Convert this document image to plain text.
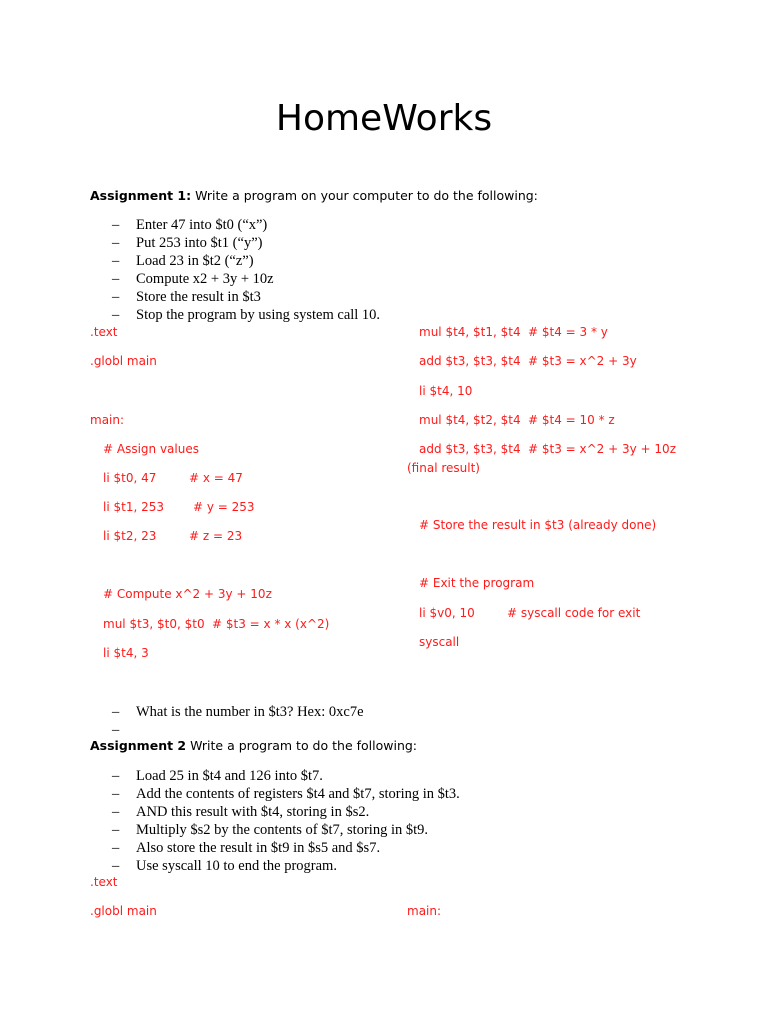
HomeWorks
Assignment 1: Write a program on your computer to do the following:
– Enter 47 into $t0 (“x”)
– Put 253 into $t1 (“y”)
– Load 23 in $t2 (“z”)
– Compute x2 + 3y + 10z
– Store the result in $t3
– Stop the program by using system call 10.
.text
.globl main
main:
# Assign values
li $t0, 47	# x = 47
li $t1, 253 # y = 253
li $t2, 23	# z = 23
# Compute x^2 + 3y + 10z
mul $t3, $t0, $t0 # $t3 = x * x (x^2)
li $t4, 3
mul $t4, $t1, $t4 # $t4 = 3 * y
add $t3, $t3, $t4 # $t3 = x^2 + 3y
li $t4, 10
mul $t4, $t2, $t4 # $t4 = 10 * z
add $t3, $t3, $t4 # $t3 = x^2 + 3y + 10z
(final result)
# Store the result in $t3 (already done)
# Exit the program
li $v0, 10	# syscall code for exit
syscall
– What is the number in $t3? Hex: 0xc7e
–
Assignment 2 Write a program to do the following:
– Load 25 in $t4 and 126 into $t7.
– Add the contents of registers $t4 and $t7, storing in $t3.
– AND this result with $t4, storing in $s2.
– Multiply $s2 by the contents of $t7, storing in $t9.
– Also store the result in $t9 in $s5 and $s7.
– Use syscall 10 to end the program.
.text
.globl main	main:
